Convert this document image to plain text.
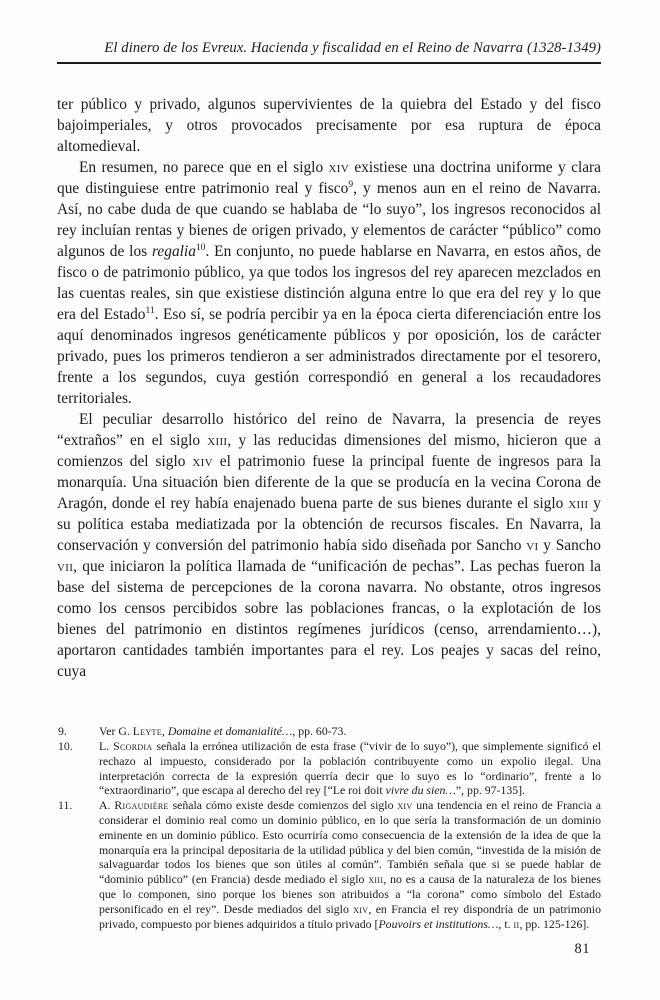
El dinero de los Evreux. Hacienda y fiscalidad en el Reino de Navarra (1328-1349)

ter público y privado, algunos supervivientes de la quiebra del Estado y del fisco bajoimperiales, y otros provocados precisamente por esa ruptura de época altomedieval.

En resumen, no parece que en el siglo xiv existiese una doctrina uniforme y clara que distinguiese entre patrimonio real y fisco$^9$, y menos aun en el reino de Navarra. Así, no cabe duda de que cuando se hablaba de “lo suyo”, los ingresos reconocidos al rey incluían rentas y bienes de origen privado, y elementos de carácter “público” como algunos de los regalia$^{10}$. En conjunto, no puede hablarse en Navarra, en estos años, de fisco o de patrimonio público, ya que todos los ingresos del rey aparecen mezclados en las cuentas reales, sin que existiese distinción alguna entre lo que era del rey y lo que era del Estado$^{11}$. Eso sí, se podría percibir ya en la época cierta diferenciación entre los aquí denominados ingresos genéticamente públicos y por oposición, los de carácter privado, pues los primeros tendieron a ser administrados directamente por el tesorero, frente a los segundos, cuya gestión correspondió en general a los recaudadores territoriales.

El peculiar desarrollo histórico del reino de Navarra, la presencia de reyes “extraños” en el siglo xiii, y las reducidas dimensiones del mismo, hicieron que a comienzos del siglo xiv el patrimonio fuese la principal fuente de ingresos para la monarquía. Una situación bien diferente de la que se producía en la vecina Corona de Aragón, donde el rey había enajenado buena parte de sus bienes durante el siglo xiii y su política estaba mediatizada por la obtención de recursos fiscales. En Navarra, la conservación y conversión del patrimonio había sido diseñada por Sancho vi y Sancho vii, que iniciaron la política llamada de “unificación de pechas”. Las pechas fueron la base del sistema de percepciones de la corona navarra. No obstante, otros ingresos como los censos percibidos sobre las poblaciones francas, o la explotación de los bienes del patrimonio en distintos regímenes jurídicos (censo, arrendamiento…), aportaron cantidades también importantes para el rey. Los peajes y sacas del reino, cuya

9.	Ver G. Leyte, Domaine et domanialité…, pp. 60-73.
10. L. Scordia señala la errónea utilización de esta frase (“vivir de lo suyo”), que simplemente significó el rechazo al impuesto, considerado por la población contribuyente como un expolio ilegal. Una interpretación correcta de la expresión querría decir que lo suyo es lo “ordinario”, frente a lo “extraordinario”, que escapa al derecho del rey [“Le roi doit vivre du sien…”, pp. 97-135].
11. A. Rigaudière señala cómo existe desde comienzos del siglo xiv una tendencia en el reino de Francia a considerar el dominio real como un dominio público, en lo que sería la transformación de un dominio eminente en un dominio público. Esto ocurriría como consecuencia de la extensión de la idea de que la monarquía era la principal depositaria de la utilidad pública y del bien común, “investida de la misión de salvaguardar todos los bienes que son útiles al común”. También señala que si se puede hablar de “dominio público” (en Francia) desde mediado el siglo xiii, no es a causa de la naturaleza de los bienes que lo componen, sino porque los bienes son atribuidos a “la corona” como símbolo del Estado personificado en el rey”. Desde mediados del siglo xiv, en Francia el rey dispondría de un patrimonio privado, compuesto por bienes adquiridos a título privado [Pouvoirs et institutions…, t. ii, pp. 125-126].
81
